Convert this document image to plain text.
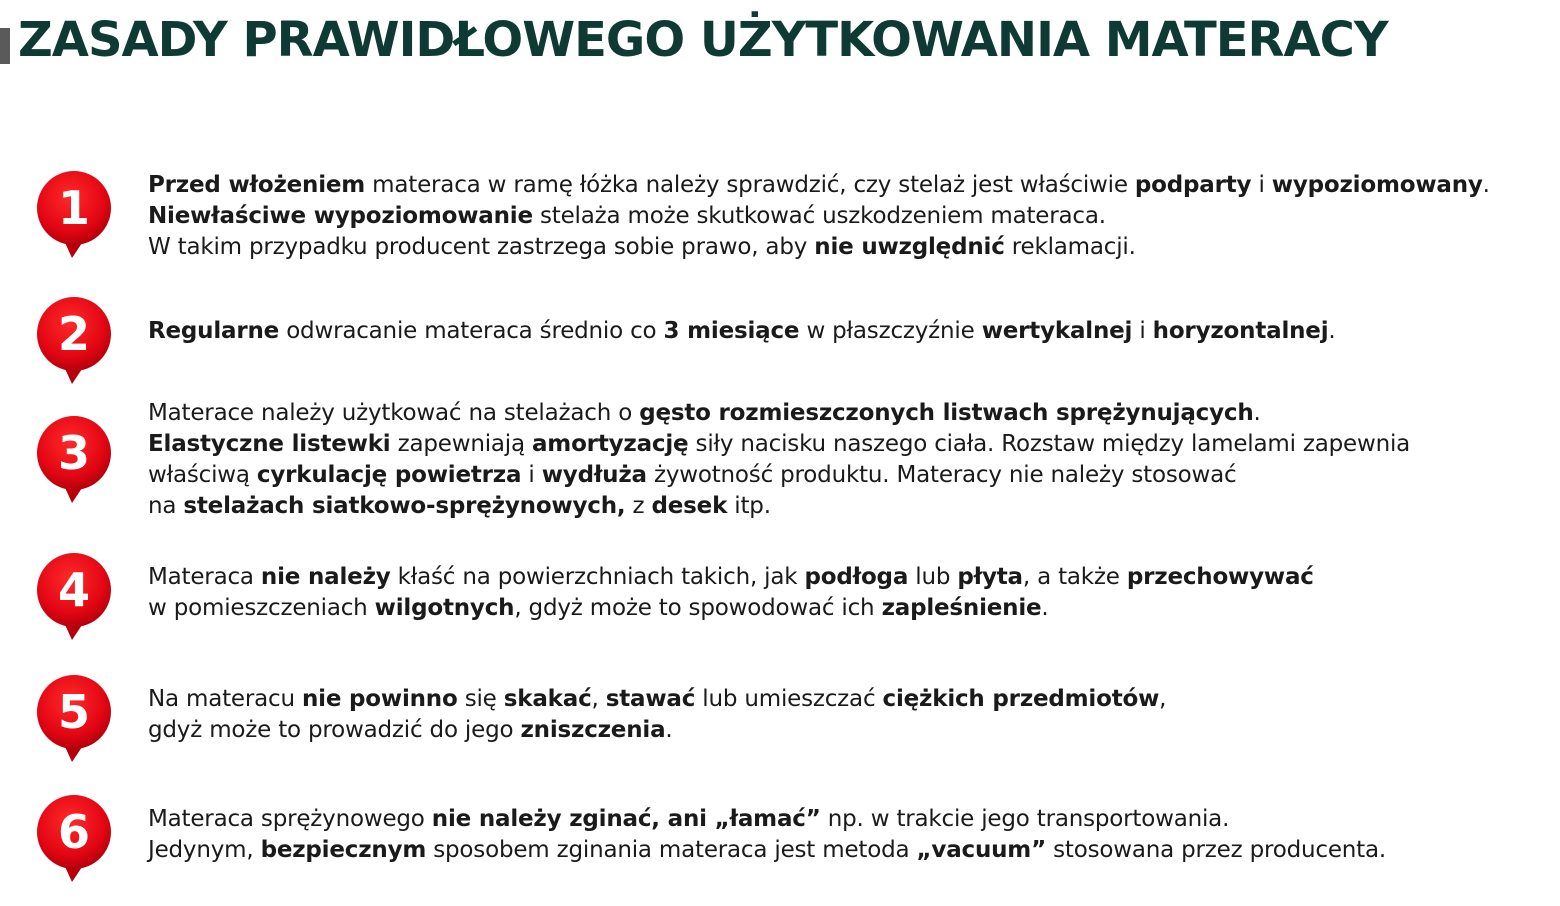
ZASADY PRAWIDŁOWEGO UŻYTKOWANIA MATERACY
1	Przed włożeniem materaca w ramę łóżka należy sprawdzić, czy stelaż jest właściwie podparty i wypoziomowany.

Niewłaściwe wypoziomowanie stelaża może skutkować uszkodzeniem materaca.

W takim przypadku producent zastrzega sobie prawo, aby nie uwzględnić reklamacji.

2	Regularne odwracanie materaca średnio co 3 miesiące w płaszczyźnie wertykalnej i horyzontalnej.

3

Materace należy użytkować na stelażach o gęsto rozmieszczonych listwach sprężynujących.

Elastyczne listewki zapewniają amortyzację siły nacisku naszego ciała. Rozstaw między lamelami zapewnia

właściwą cyrkulację powietrza i wydłuża żywotność produktu. Materacy nie należy stosować

na stelażach siatkowo-sprężynowych, z desek itp.

4	Materaca nie należy kłaść na powierzchniach takich, jak podłoga lub płyta, a także przechowywać

w pomieszczeniach wilgotnych, gdyż może to spowodować ich zapleśnienie.

5	Na materacu nie powinno się skakać, stawać lub umieszczać ciężkich przedmiotów,

gdyż może to prowadzić do jego zniszczenia.

6	Materaca sprężynowego nie należy zginać, ani „łamać” np. w trakcie jego transportowania.

Jedynym, bezpiecznym sposobem zginania materaca jest metoda „vacuum” stosowana przez producenta.
